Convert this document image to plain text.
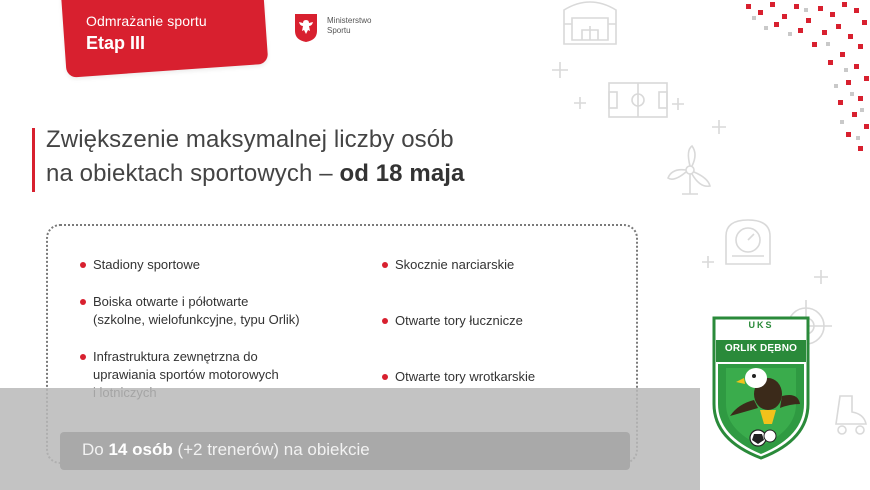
Odmrażanie sportu
Etap III
Ministerstwo
Sportu
Zwiększenie maksymalnej liczby osób
na obiektach sportowych – od 18 maja
Stadiony sportowe
Boiska otwarte i półotwarte
(szkolne, wielofunkcyjne, typu Orlik)
Infrastruktura zewnętrzna do
uprawiania sportów motorowych
Skocznie narciarskie
Otwarte tory łucznicze
Otwarte tory wrotkarskie
Do 14 osób (+2 trenerów) na obiekcie
UKS
ORLIK DĘBNO
